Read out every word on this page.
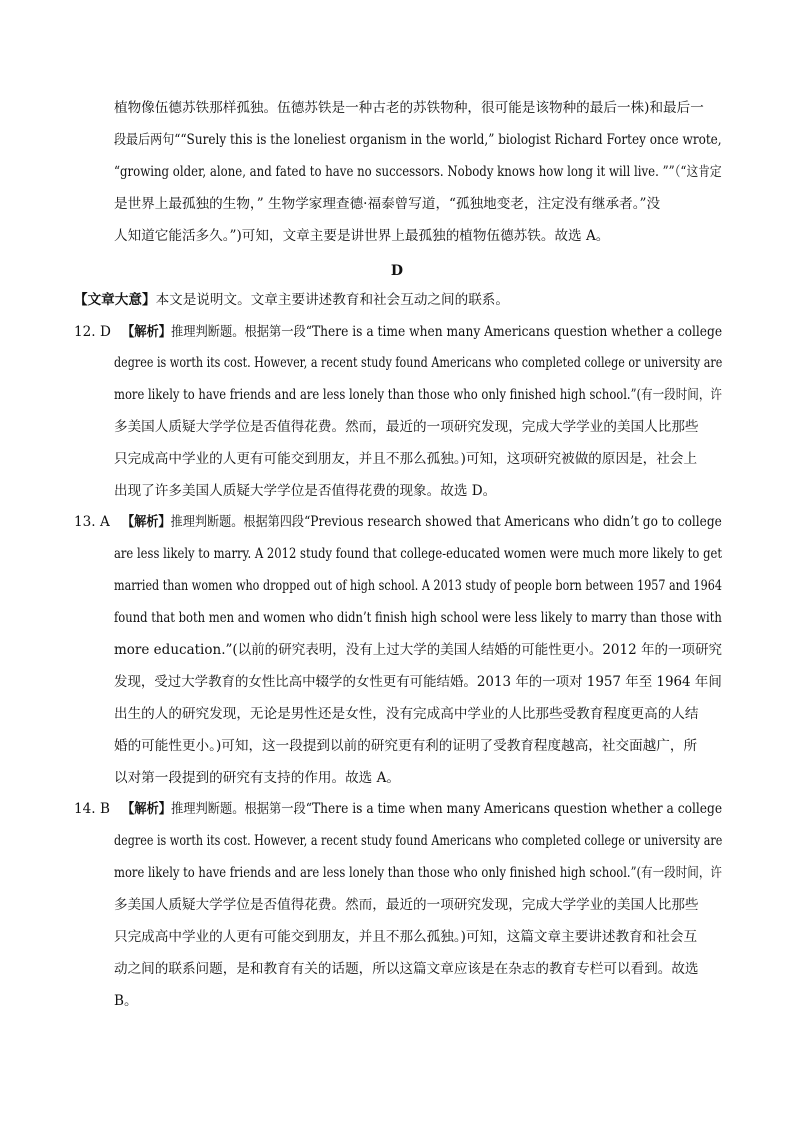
植物像伍德苏铁那样孤独。伍德苏铁是一种古老的苏铁物种，很可能是该物种的最后一株)和最后一
段最后两句““Surely this is the loneliest organism in the world,” biologist Richard Fortey once wrote,
“growing older, alone, and fated to have no successors. Nobody knows how long it will live. ””（“这肯定
是世界上最孤独的生物，” 生物学家理查德·福泰曾写道，“孤独地变老，注定没有继承者。”没
人知道它能活多久。”)可知，文章主要是讲世界上最孤独的植物伍德苏铁。故选 A。
D
【文章大意】本文是说明文。文章主要讲述教育和社会互动之间的联系。
12. D 【解析】推理判断题。根据第一段“There is a time when many Americans question whether a college
degree is worth its cost. However, a recent study found Americans who completed college or university are
more likely to have friends and are less lonely than those who only finished high school.”(有一段时间，许
多美国人质疑大学学位是否值得花费。然而，最近的一项研究发现，完成大学学业的美国人比那些
只完成高中学业的人更有可能交到朋友，并且不那么孤独。)可知，这项研究被做的原因是，社会上
出现了许多美国人质疑大学学位是否值得花费的现象。故选 D。
13. A 【解析】推理判断题。根据第四段“Previous research showed that Americans who didn’t go to college
are less likely to marry. A 2012 study found that college-educated women were much more likely to get
married than women who dropped out of high school. A 2013 study of people born between 1957 and 1964
found that both men and women who didn’t finish high school were less likely to marry than those with
more education.”(以前的研究表明，没有上过大学的美国人结婚的可能性更小。2012 年的一项研究
发现，受过大学教育的女性比高中辍学的女性更有可能结婚。2013 年的一项对 1957 年至 1964 年间
出生的人的研究发现，无论是男性还是女性，没有完成高中学业的人比那些受教育程度更高的人结
婚的可能性更小。)可知，这一段提到以前的研究更有利的证明了受教育程度越高，社交面越广，所
以对第一段提到的研究有支持的作用。故选 A。
14. B 【解析】推理判断题。根据第一段“There is a time when many Americans question whether a college
degree is worth its cost. However, a recent study found Americans who completed college or university are
more likely to have friends and are less lonely than those who only finished high school.”(有一段时间，许
多美国人质疑大学学位是否值得花费。然而，最近的一项研究发现，完成大学学业的美国人比那些
只完成高中学业的人更有可能交到朋友，并且不那么孤独。)可知，这篇文章主要讲述教育和社会互
动之间的联系问题，是和教育有关的话题，所以这篇文章应该是在杂志的教育专栏可以看到。故选
B。
